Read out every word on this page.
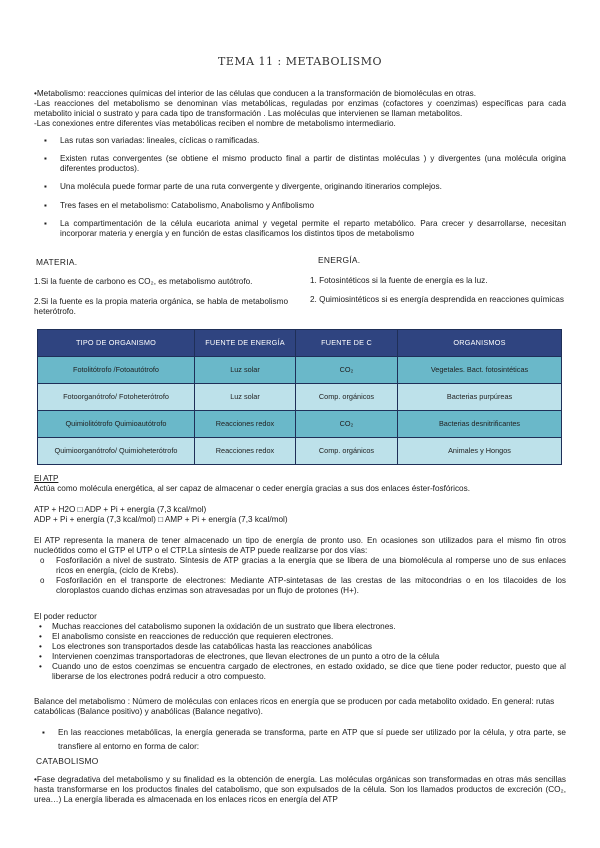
TEMA 11 : METABOLISMO

•Metabolismo: reacciones químicas del interior de las células que conducen a la transformación de biomoléculas en otras.

-Las reacciones del metabolismo se denominan vías metabólicas, reguladas por enzimas (cofactores y coenzimas) específicas para cada metabolito inicial o sustrato y para cada tipo de transformación . Las moléculas que intervienen se llaman metabolitos.

-Las conexiones entre diferentes vías metabólicas reciben el nombre de metabolismo intermediario.

▪ Las rutas son variadas: lineales, cíclicas o ramificadas.
▪ Existen rutas convergentes (se obtiene el mismo producto final a partir de distintas moléculas ) y divergentes (una molécula origina diferentes productos).
▪ Una molécula puede formar parte de una ruta convergente y divergente, originando itinerarios complejos.
▪ Tres fases en el metabolismo: Catabolismo, Anabolismo y Anfibolismo
▪ La compartimentación de la célula eucariota animal y vegetal permite el reparto metabólico. Para crecer y desarrollarse, necesitan incorporar materia y energía y en función de estas clasificamos los distintos tipos de metabolismo
MATERIA.	ENERGÍA.

1.Si la fuente de carbono es CO₂, es metabolismo autótrofo.

2.Si la fuente es la propia materia orgánica, se habla de metabolismo heterótrofo.

1. Fotosintéticos si la fuente de energía es la luz.

2. Quimiosintéticos si es energía desprendida en reacciones químicas

TIPO DE ORGANISMO	FUENTE DE ENERGÍA	FUENTE DE C	ORGANISMOS
Fotolitótrofo /Fotoautótrofo	Luz solar	CO₂	Vegetales. Bact. fotosintéticas
Fotoorganótrofo/ Fotoheterótrofo	Luz solar	Comp. orgánicos	Bacterias purpúreas
Quimiolitótrofo Quimioautótrofo	Reacciones redox	CO₂	Bacterias desnitrificantes
Quimioorganótrofo/ Quimioheterótrofo	Reacciones redox	Comp. orgánicos	Animales y Hongos

El ATP

Actúa como molécula energética, al ser capaz de almacenar o ceder energía gracias a sus dos enlaces éster-fosfóricos.

ATP + H2O □ ADP + Pi + energía (7,3 kcal/mol)

ADP + Pi + energía (7,3 kcal/mol) □ AMP + Pi + energía (7,3 kcal/mol)

El ATP representa la manera de tener almacenado un tipo de energía de pronto uso. En ocasiones son utilizados para el mismo fin otros nucleótidos como el GTP el UTP o el CTP.La síntesis de ATP puede realizarse por dos vías:

o Fosforilación a nivel de sustrato. Síntesis de ATP gracias a la energía que se libera de una biomolécula al romperse uno de sus enlaces ricos en energía, (ciclo de Krebs).
o Fosforilación en el transporte de electrones: Mediante ATP-sintetasas de las crestas de las mitocondrias o en los tilacoides de los cloroplastos cuando dichas enzimas son atravesadas por un flujo de protones (H+).

El poder reductor

• Muchas reacciones del catabolismo suponen la oxidación de un sustrato que libera electrones.
• El anabolismo consiste en reacciones de reducción que requieren electrones.
• Los electrones son transportados desde las catabólicas hasta las reacciones anabólicas
• Intervienen coenzimas transportadoras de electrones, que llevan electrones de un punto a otro de la célula
• Cuando uno de estos coenzimas se encuentra cargado de electrones, en estado oxidado, se dice que tiene poder reductor, puesto que al liberarse de los electrones podrá reducir a otro compuesto.

Balance del metabolismo : Número de moléculas con enlaces ricos en energía que se producen por cada metabolito oxidado. En general: rutas catabólicas (Balance positivo) y anabólicas (Balance negativo).

▪ En las reacciones metabólicas, la energía generada se transforma, parte en ATP que sí puede ser utilizado por la célula, y otra parte, se transfiere al entorno en forma de calor:
CATABOLISMO
•Fase degradativa del metabolismo y su finalidad es la obtención de energía. Las moléculas orgánicas son transformadas en otras más sencillas hasta transformarse en los productos finales del catabolismo, que son expulsados de la célula. Son los llamados productos de excreción (CO₂, urea…) La energía liberada es almacenada en los enlaces ricos en energía del ATP
